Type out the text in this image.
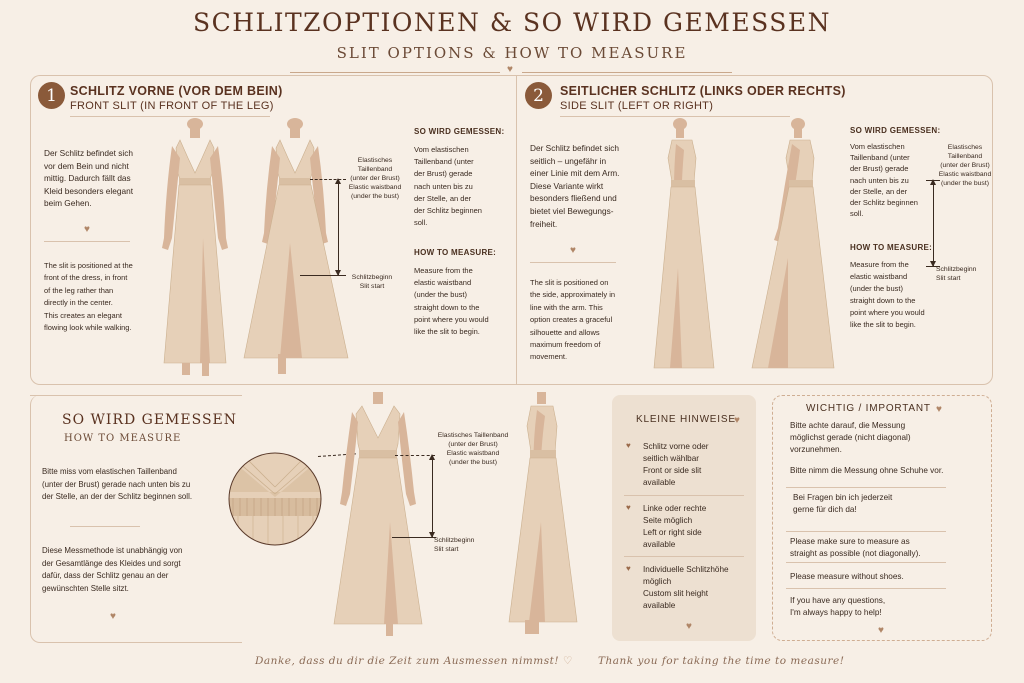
SCHLITZOPTIONEN & SO WIRD GEMESSEN
SLIT OPTIONS & HOW TO MEASURE
♥
1	SCHLITZ VORNE (VOR DEM BEIN)
FRONT SLIT (IN FRONT OF THE LEG)
Der Schlitz befindet sich
vor dem Bein und nicht
mittig. Dadurch fällt das
Kleid besonders elegant
beim Gehen.
♥
The slit is positioned at the
front of the dress, in front
of the leg rather than
directly in the center.
This creates an elegant
flowing look while walking.
Elastisches
Taillenband
(unter der Brust)
Elastic waistband
(under the bust)
Schlitzbeginn
Slit start
SO WIRD GEMESSEN:
Vom elastischen
Taillenband (unter
der Brust) gerade
nach unten bis zu
der Stelle, an der
der Schlitz beginnen
soll.
HOW TO MEASURE:
Measure from the
elastic waistband
(under the bust)
straight down to the
point where you would
like the slit to begin.
2	SEITLICHER SCHLITZ (LINKS ODER RECHTS)
SIDE SLIT (LEFT OR RIGHT)
Der Schlitz befindet sich
seitlich – ungefähr in
einer Linie mit dem Arm.
Diese Variante wirkt
besonders fließend und
bietet viel Bewegungs-
freiheit.
♥
The slit is positioned on
the side, approximately in
line with the arm. This
option creates a graceful
silhouette and allows
maximum freedom of
movement.
SO WIRD GEMESSEN:
Vom elastischen
Taillenband (unter
der Brust) gerade
nach unten bis zu
der Stelle, an der
der Schlitz beginnen
soll.
HOW TO MEASURE:
Measure from the
elastic waistband
(under the bust)
straight down to the
point where you would
like the slit to begin.
Elastisches
Taillenband
(unter der Brust)
Elastic waistband
(under the bust)
Schlitzbeginn
Slit start
SO WIRD GEMESSEN
HOW TO MEASURE
Bitte miss vom elastischen Taillenband
(unter der Brust) gerade nach unten bis zu
der Stelle, an der der Schlitz beginnen soll.
Diese Messmethode ist unabhängig von
der Gesamtlänge des Kleides und sorgt
dafür, dass der Schlitz genau an der
gewünschten Stelle sitzt.
♥
Elastisches Taillenband
(unter der Brust)
Elastic waistband
(under the bust)
Schlitzbeginn
Slit start
KLEINE HINWEISE
♥
♥ Schlitz vorne oder
seitlich wählbar
Front or side slit
available
♥ Linke oder rechte
Seite möglich
Left or right side
available
♥ Individuelle Schlitzhöhe
möglich
Custom slit height
available
♥
WICHTIG / IMPORTANT ♥
Bitte achte darauf, die Messung
möglichst gerade (nicht diagonal)
vorzunehmen.
Bitte nimm die Messung ohne Schuhe vor.
Bei Fragen bin ich jederzeit
gerne für dich da!
Please make sure to measure as
straight as possible (not diagonally).
Please measure without shoes.
If you have any questions,
I'm always happy to help!
♥
Danke, dass du dir die Zeit zum Ausmessen nimmst! ♡ Thank you for taking the time to measure!
